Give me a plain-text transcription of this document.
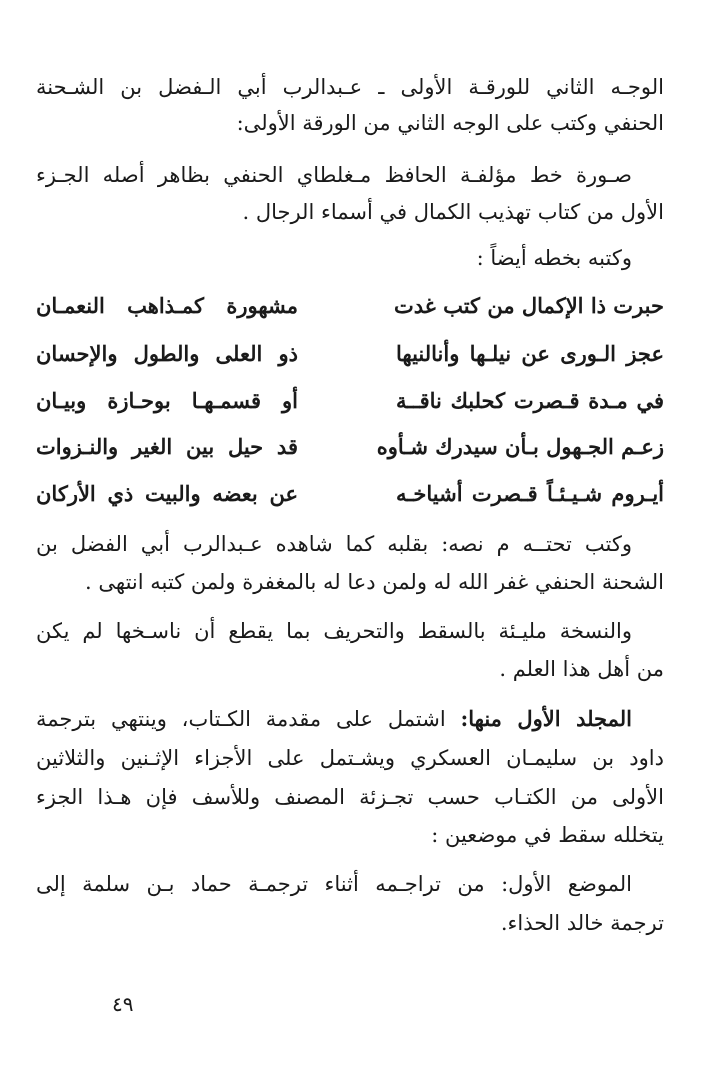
الوجـه الثاني للورقـة الأولى ـ عـبدالرب أبي الـفضل بن الشـحنة
الحنفي وكتب على الوجه الثاني من الورقة الأولى:
صـورة خط مؤلفـة الحافظ مـغلطاي الحنفي بظاهر أصله الجـزء
الأول من كتاب تهذيب الكمال في أسماء الرجال .
وكتبه بخطه أيضاً :
حبرت ذا الإكمال من كتب غدت
مشهورة كمـذاهب النعمـان
عجز الـورى عن نيلـها وأنالنيها
ذو العلى والطول والإحسان
في مـدة قـصرت كحلبك ناقــة
أو قسمـهـا بوحـازة وبيـان
زعـم الجـهول بـأن سيدرك شـأوه
قد حيل بين الغير والنـزوات
أيـروم شـيـئـاً قـصرت أشياخـه
عن بعضه والبيت ذي الأركان
وكتب تحتــه م نصه: بقلبه كما شاهده عـبدالرب أبي الفضل بن
الشحنة الحنفي غفر الله له ولمن دعا له بالمغفرة ولمن كتبه انتهى .
والنسخة مليـئة بالسقط والتحريف بما يقطع أن ناسـخها لم يكن
من أهل هذا العلم .
المجلد الأول منها: اشتمل على مقدمة الكـتاب، وينتهي بترجمة
داود بن سليمـان العسكري ويشـتمل على الأجزاء الإثـنين والثلاثين
الأولى من الكتـاب حسب تجـزئة المصنف وللأسف فإن هـذا الجزء
يتخلله سقط في موضعين :
الموضع الأول: من تراجـمه أثناء ترجمـة حماد بـن سلمة إلى
ترجمة خالد الحذاء.
٤٩
